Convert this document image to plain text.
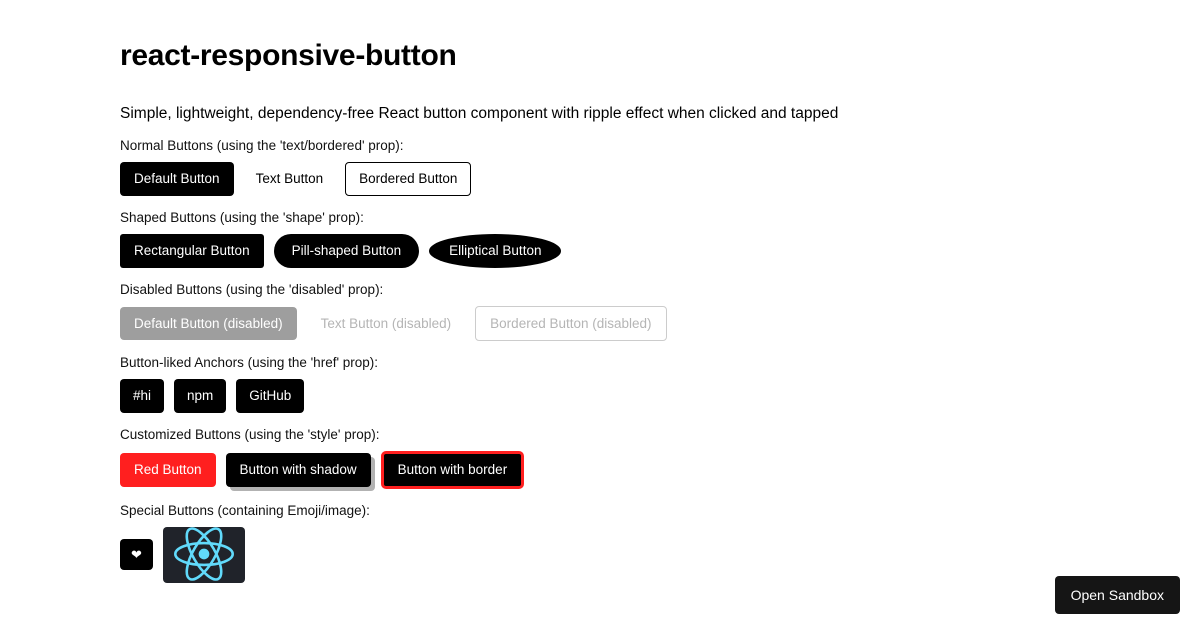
react-responsive-button

Simple, lightweight, dependency-free React button component with ripple effect when clicked and tapped

Normal Buttons (using the 'text/bordered' prop):
Default Button	Text Button	Bordered Button
Shaped Buttons (using the 'shape' prop):
Rectangular Button	Pill-shaped Button	Elliptical Button
Disabled Buttons (using the 'disabled' prop):
Default Button (disabled)	Text Button (disabled)	Bordered Button (disabled)
Button-liked Anchors (using the 'href' prop):
#hi	npm	GitHub
Customized Buttons (using the 'style' prop):
Red Button	Button with shadow	Button with border
Special Buttons (containing Emoji/image):
❤
Open Sandbox
